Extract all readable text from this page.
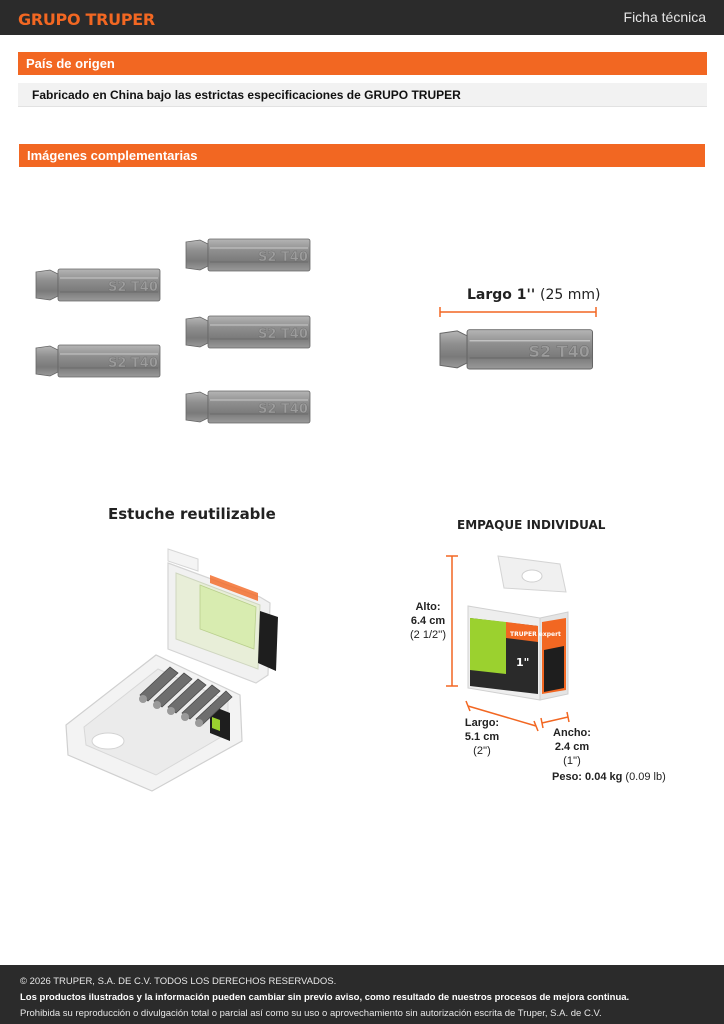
GRUPO TRUPER	Ficha técnica
País de origen
Fabricado en China bajo las estrictas especificaciones de GRUPO TRUPER
Imágenes complementarias
S2 T40
Largo 1'' (25 mm)
S2 T40
Estuche reutilizable
EMPAQUE INDIVIDUAL
TRUPER expert
1"
Alto:
6.4 cm
(2 1/2'')
Largo:
5.1 cm
(2'')
Ancho:
2.4 cm
(1'')
Peso: 0.04 kg (0.09 lb)
© 2026 TRUPER, S.A. DE C.V. TODOS LOS DERECHOS RESERVADOS.
Los productos ilustrados y la información pueden cambiar sin previo aviso, como resultado de nuestros procesos de mejora continua.
Prohibida su reproducción o divulgación total o parcial así como su uso o aprovechamiento sin autorización escrita de Truper, S.A. de C.V.
